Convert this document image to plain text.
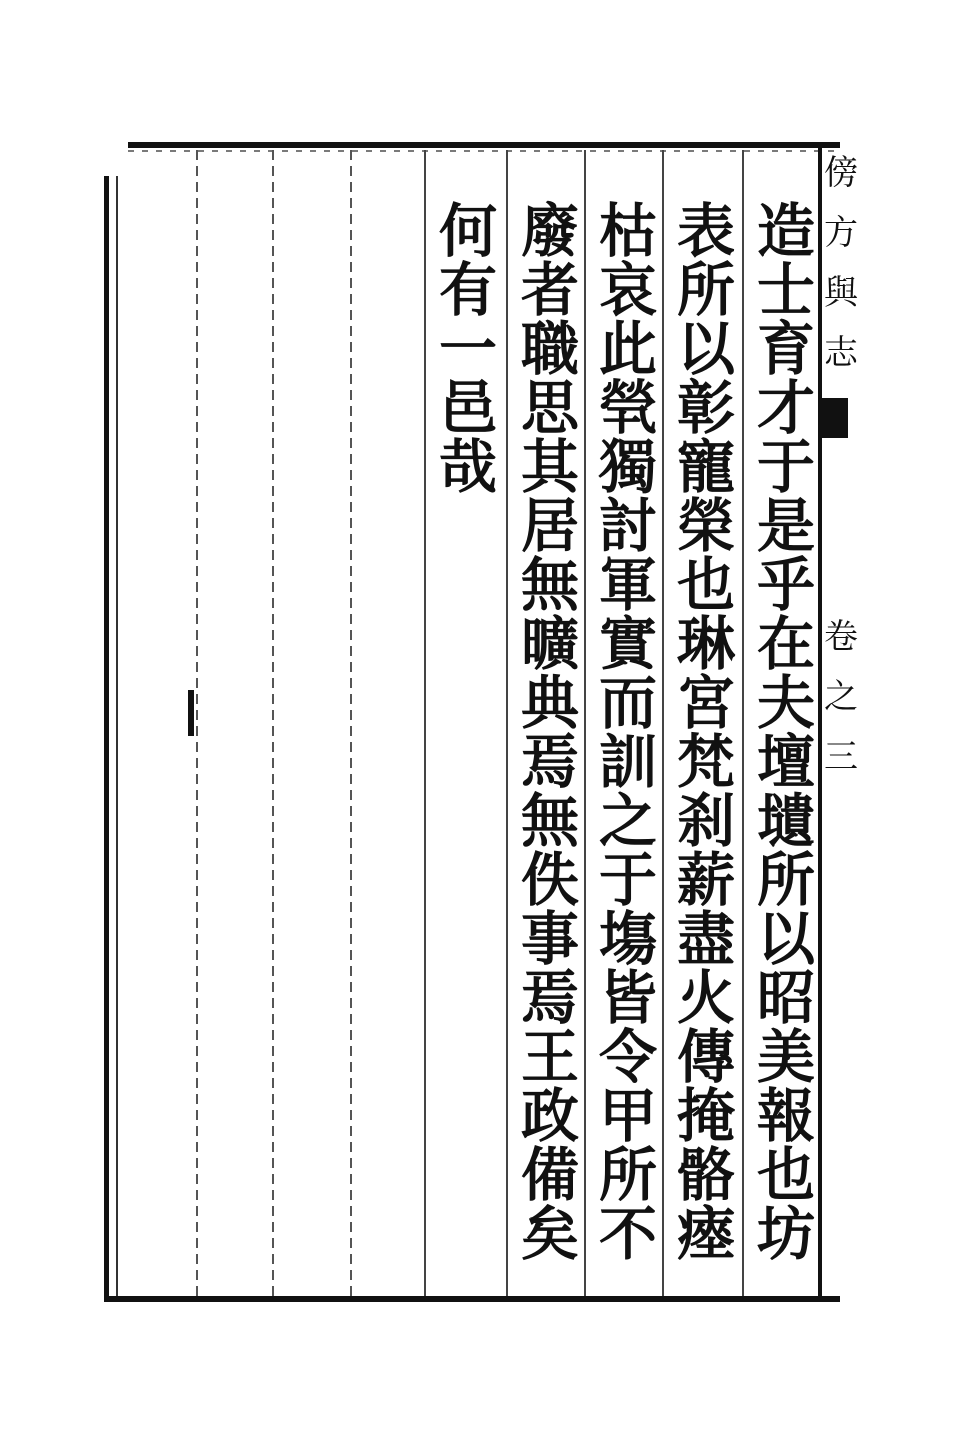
傍
方
與
志
卷
之
三
造士育才于是乎在夫壇壝所以昭美報也坊
表所以彰寵榮也琳宮梵刹薪盡火傳掩骼瘞
枯哀此煢獨討軍實而訓之于塲皆令甲所不
廢者職思其居無曠典焉無佚事焉王政備矣
何有一邑哉
